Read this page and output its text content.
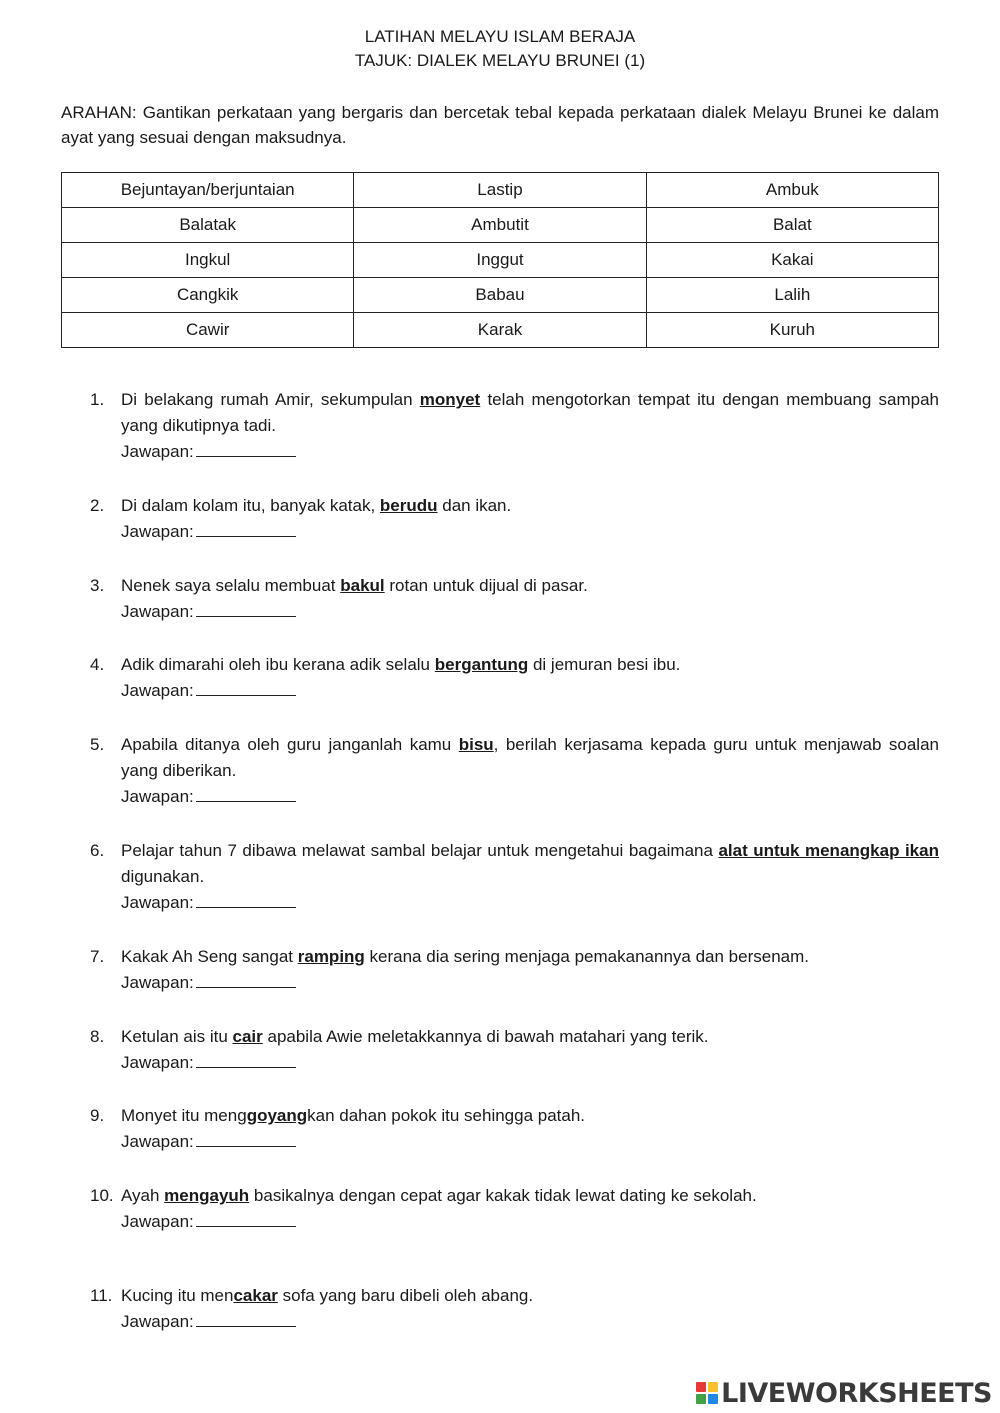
LATIHAN MELAYU ISLAM BERAJA
TAJUK: DIALEK MELAYU BRUNEI (1)
ARAHAN: Gantikan perkataan yang bergaris dan bercetak tebal kepada perkataan dialek Melayu Brunei ke dalam ayat yang sesuai dengan maksudnya.
Bejuntayan/berjuntaian	Lastip	Ambuk
Balatak	Ambutit	Balat
Ingkul	Inggut	Kakai
Cangkik	Babau	Lalih
Cawir	Karak	Kuruh
1. Di belakang rumah Amir, sekumpulan monyet telah mengotorkan tempat itu dengan membuang sampah yang dikutipnya tadi.
Jawapan:
2. Di dalam kolam itu, banyak katak, berudu dan ikan.
Jawapan:
3. Nenek saya selalu membuat bakul rotan untuk dijual di pasar.
Jawapan:
4. Adik dimarahi oleh ibu kerana adik selalu bergantung di jemuran besi ibu.
Jawapan:
5. Apabila ditanya oleh guru janganlah kamu bisu, berilah kerjasama kepada guru untuk menjawab soalan yang diberikan.
Jawapan:
6. Pelajar tahun 7 dibawa melawat sambal belajar untuk mengetahui bagaimana alat untuk menangkap ikan digunakan.
Jawapan:
7. Kakak Ah Seng sangat ramping kerana dia sering menjaga pemakanannya dan bersenam.
Jawapan:
8. Ketulan ais itu cair apabila Awie meletakkannya di bawah matahari yang terik.
Jawapan:
9. Monyet itu menggoyangkan dahan pokok itu sehingga patah.
Jawapan:
10. Ayah mengayuh basikalnya dengan cepat agar kakak tidak lewat dating ke sekolah.
Jawapan:
11. Kucing itu mencakar sofa yang baru dibeli oleh abang.
Jawapan:
LIVEWORKSHEETS
